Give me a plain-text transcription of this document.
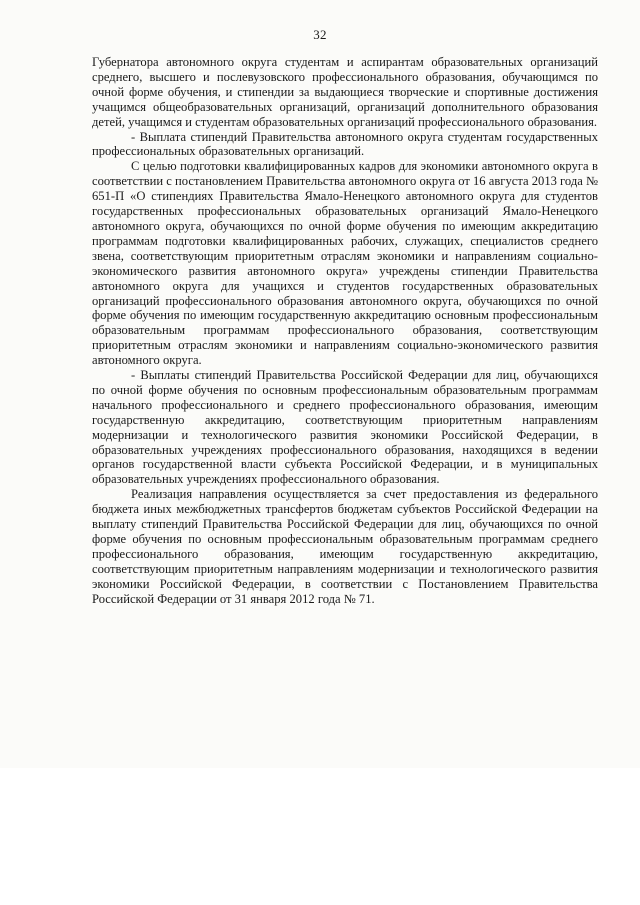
32

Губернатора автономного округа студентам и аспирантам образовательных организаций среднего, высшего и послевузовского профессионального образования, обучающимся по очной форме обучения, и стипендии за выдающиеся творческие и спортивные достижения учащимся общеобразовательных организаций, организаций дополнительного образования детей, учащимся и студентам образовательных организаций профессионального образования.

- Выплата стипендий Правительства автономного округа студентам государственных профессиональных образовательных организаций.

С целью подготовки квалифицированных кадров для экономики автономного округа в соответствии с постановлением Правительства автономного округа от 16 августа 2013 года № 651-П «О стипендиях Правительства Ямало-Ненецкого автономного округа для студентов государственных профессиональных образовательных организаций Ямало-Ненецкого автономного округа, обучающихся по очной форме обучения по имеющим аккредитацию программам подготовки квалифицированных рабочих, служащих, специалистов среднего звена, соответствующим приоритетным отраслям экономики и направлениям социально-экономического развития автономного округа» учреждены стипендии Правительства автономного округа для учащихся и студентов государственных образовательных организаций профессионального образования автономного округа, обучающихся по очной форме обучения по имеющим государственную аккредитацию основным профессиональным образовательным программам профессионального образования, соответствующим приоритетным отраслям экономики и направлениям социально-экономического развития автономного округа.

- Выплаты стипендий Правительства Российской Федерации для лиц, обучающихся по очной форме обучения по основным профессиональным образовательным программам начального профессионального и среднего профессионального образования, имеющим государственную аккредитацию, соответствующим приоритетным направлениям модернизации и технологического развития экономики Российской Федерации, в образовательных учреждениях профессионального образования, находящихся в ведении органов государственной власти субъекта Российской Федерации, и в муниципальных образовательных учреждениях профессионального образования.

Реализация направления осуществляется за счет предоставления из федерального бюджета иных межбюджетных трансфертов бюджетам субъектов Российской Федерации на выплату стипендий Правительства Российской Федерации для лиц, обучающихся по очной форме обучения по основным профессиональным образовательным программам среднего профессионального образования, имеющим государственную аккредитацию, соответствующим приоритетным направлениям модернизации и технологического развития экономики Российской Федерации, в соответствии с Постановлением Правительства Российской Федерации от 31 января 2012 года № 71.
